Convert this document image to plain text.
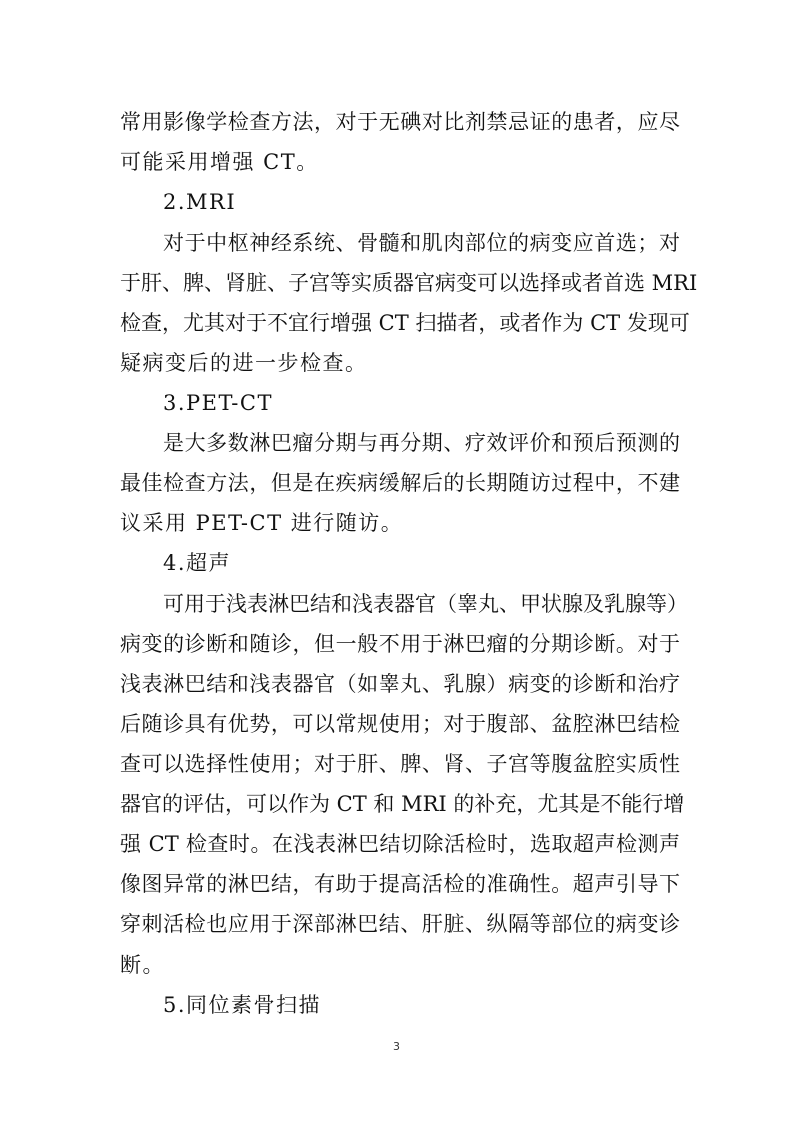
常用影像学检查方法，对于无碘对比剂禁忌证的患者，应尽
可能采用增强 CT。
2.MRI
对于中枢神经系统、骨髓和肌肉部位的病变应首选；对
于肝、脾、肾脏、子宫等实质器官病变可以选择或者首选 MRI
检查，尤其对于不宜行增强 CT 扫描者，或者作为 CT 发现可
疑病变后的进一步检查。
3.PET-CT
是大多数淋巴瘤分期与再分期、疗效评价和预后预测的
最佳检查方法，但是在疾病缓解后的长期随访过程中，不建
议采用 PET-CT 进行随访。
4.超声
可用于浅表淋巴结和浅表器官（睾丸、甲状腺及乳腺等）
病变的诊断和随诊，但一般不用于淋巴瘤的分期诊断。对于
浅表淋巴结和浅表器官（如睾丸、乳腺）病变的诊断和治疗
后随诊具有优势，可以常规使用；对于腹部、盆腔淋巴结检
查可以选择性使用；对于肝、脾、肾、子宫等腹盆腔实质性
器官的评估，可以作为 CT 和 MRI 的补充，尤其是不能行增
强 CT 检查时。在浅表淋巴结切除活检时，选取超声检测声
像图异常的淋巴结，有助于提高活检的准确性。超声引导下
穿刺活检也应用于深部淋巴结、肝脏、纵隔等部位的病变诊
断。
5.同位素骨扫描
3
